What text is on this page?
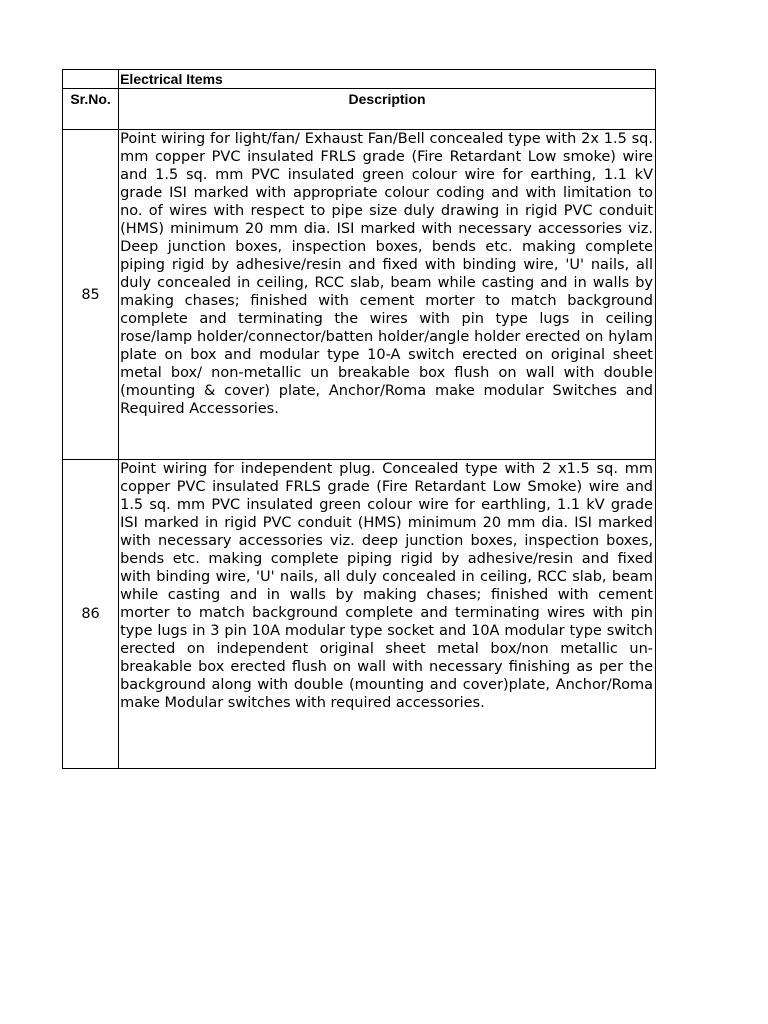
	Electrical Items
Sr.No.	Description
85	Point wiring for light/fan/ Exhaust Fan/Bell concealed type with 2x 1.5 sq. mm copper PVC insulated FRLS grade (Fire Retardant Low smoke) wire and 1.5 sq. mm PVC insulated green colour wire for earthing, 1.1 kV grade ISI marked with appropriate colour coding and with limitation to no. of wires with respect to pipe size duly drawing in rigid PVC conduit (HMS) minimum 20 mm dia. ISI marked with necessary accessories viz. Deep junction boxes, inspection boxes, bends etc. making complete piping rigid by adhesive/resin and fixed with binding wire, 'U' nails, all duly concealed in ceiling, RCC slab, beam while casting and in walls by making chases; finished with cement morter to match background complete and terminating the wires with pin type lugs in ceiling rose/lamp holder/connector/batten holder/angle holder erected on hylam plate on box and modular type 10-A switch erected on original sheet metal box/ non-metallic un breakable box flush on wall with double (mounting & cover) plate, Anchor/Roma make modular Switches and Required Accessories.
86	Point wiring for independent plug. Concealed type with 2 x1.5 sq. mm copper PVC insulated FRLS grade (Fire Retardant Low Smoke) wire and 1.5 sq. mm PVC insulated green colour wire for earthling, 1.1 kV grade ISI marked in rigid PVC conduit (HMS) minimum 20 mm dia. ISI marked with necessary accessories viz. deep junction boxes, inspection boxes, bends etc. making complete piping rigid by adhesive/resin and fixed with binding wire, 'U' nails, all duly concealed in ceiling, RCC slab, beam while casting and in walls by making chases; finished with cement morter to match background complete and terminating wires with pin type lugs in 3 pin 10A modular type socket and 10A modular type switch erected on independent original sheet metal box/non metallic un-breakable box erected flush on wall with necessary finishing as per the background along with double (mounting and cover)plate, Anchor/Roma make Modular switches with required accessories.
